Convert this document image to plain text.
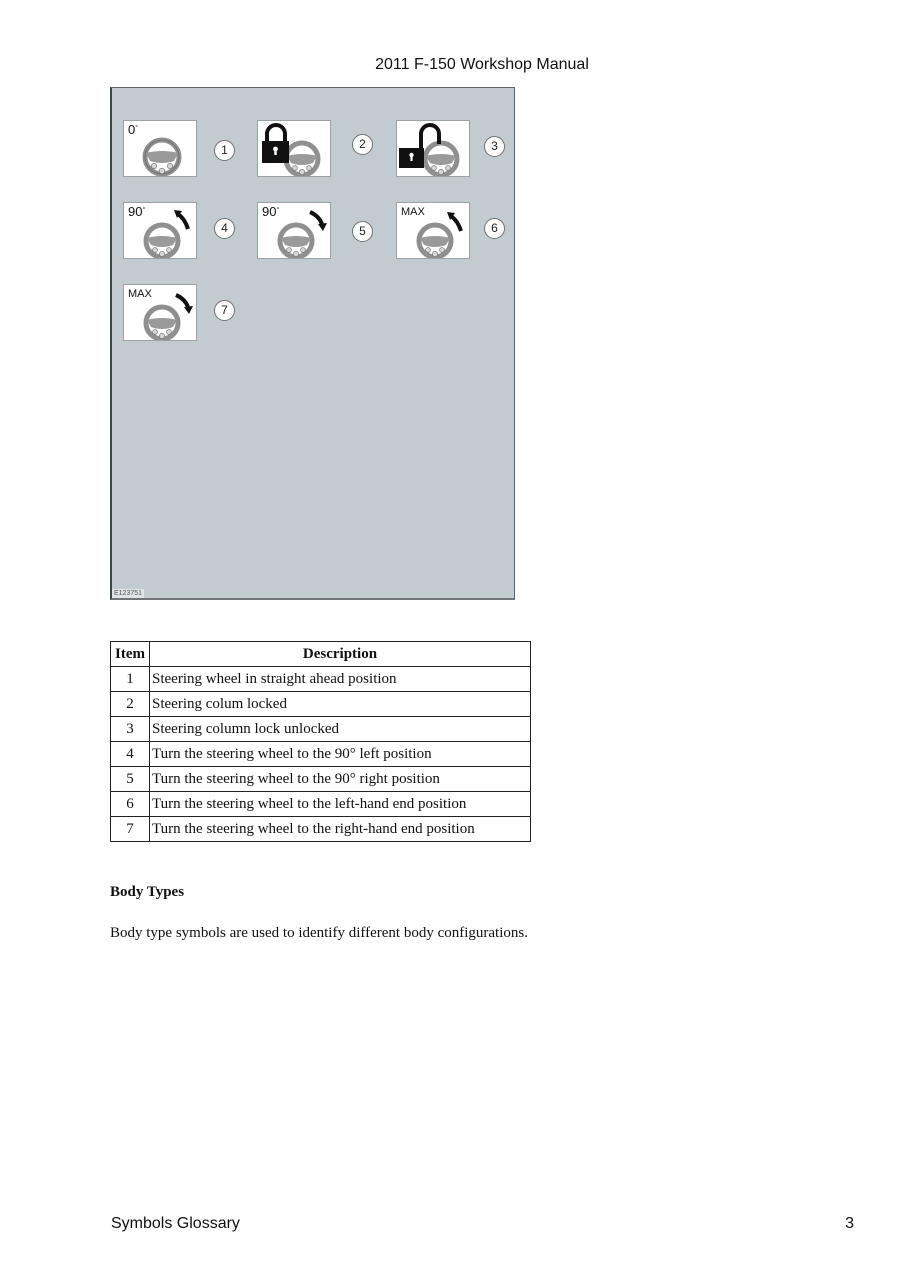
2011 F-150 Workshop Manual
0°
1	2	3
90°
4
90°
5
MAX
6
MAX
7
E123751
Item	Description
1	Steering wheel in straight ahead position
2	Steering colum locked
3	Steering column lock unlocked
4	Turn the steering wheel to the 90° left position
5	Turn the steering wheel to the 90° right position
6	Turn the steering wheel to the left-hand end position
7	Turn the steering wheel to the right-hand end position
Body Types
Body type symbols are used to identify different body configurations.
Symbols Glossary	3
